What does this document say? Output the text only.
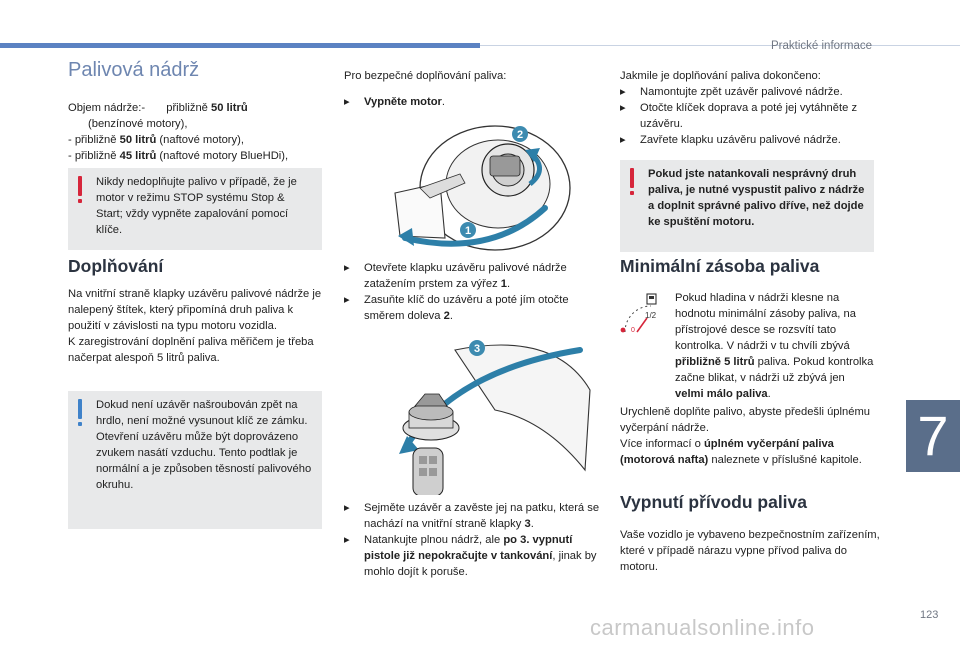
Praktické informace
Palivová nádrž
Objem nádrže:- přibližně 50 litrů
(benzínové motory),
- přibližně 50 litrů (naftové motory),
- přibližně 45 litrů (naftové motory BlueHDi),
Nikdy nedoplňujte palivo v případě, že je motor v režimu STOP systému Stop & Start; vždy vypněte zapalování pomocí klíče.
Doplňování
Na vnitřní straně klapky uzávěru palivové nádrže je nalepený štítek, který připomíná druh paliva k použití v závislosti na typu motoru vozidla.
K zaregistrování doplnění paliva měřičem je třeba načerpat alespoň 5 litrů paliva.
Dokud není uzávěr našroubován zpět na hrdlo, není možné vysunout klíč ze zámku. Otevření uzávěru může být doprovázeno zvukem nasátí vzduchu. Tento podtlak je normální a je způsoben těsností palivového okruhu.
Pro bezpečné doplňování paliva:
▸ Vypněte motor.
2
1
▸ Otevřete klapku uzávěru palivové nádrže zatažením prstem za výřez 1.
▸ Zasuňte klíč do uzávěru a poté jím otočte směrem doleva 2.
3
▸ Sejměte uzávěr a zavěste jej na patku, která se nachází na vnitřní straně klapky 3.
▸ Natankujte plnou nádrž, ale po 3. vypnutí pistole již nepokračujte v tankování, jinak by mohlo dojít k poruše.
Jakmile je doplňování paliva dokončeno:
▸ Namontujte zpět uzávěr palivové nádrže.
▸ Otočte klíček doprava a poté jej vytáhněte z uzávěru.
▸ Zavřete klapku uzávěru palivové nádrže.
Pokud jste natankovali nesprávný druh paliva, je nutné vyspustit palivo z nádrže a doplnit správné palivo dříve, než dojde ke spuštění motoru.
Minimální zásoba paliva
1/2
0
Pokud hladina v nádrži klesne na hodnotu minimální zásoby paliva, na přístrojové desce se rozsvítí tato kontrolka. V nádrži v tu chvíli zbývá přibližně 5 litrů paliva. Pokud kontrolka začne blikat, v nádrži už zbývá jen velmi málo paliva.
Urychleně doplňte palivo, abyste předešli úplnému vyčerpání nádrže.
Více informací o úplném vyčerpání paliva (motorová nafta) naleznete v příslušné kapitole.
Vypnutí přívodu paliva
Vaše vozidlo je vybaveno bezpečnostním zařízením, které v případě nárazu vypne přívod paliva do motoru.
7
123
carmanualsonline.info
